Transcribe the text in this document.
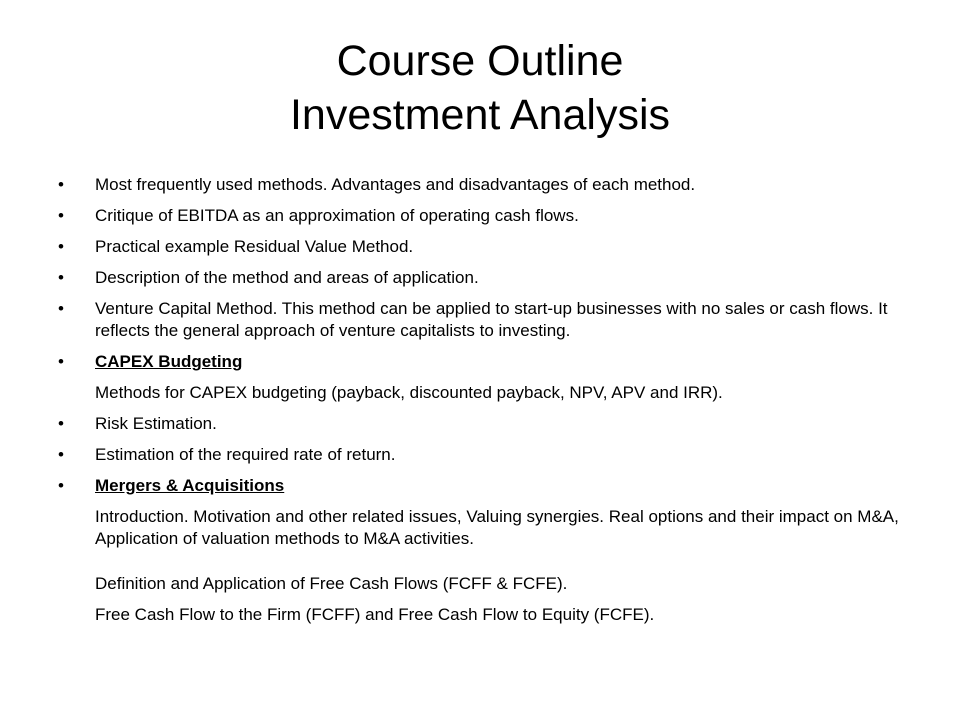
Course Outline
Investment Analysis
• Most frequently used methods. Advantages and disadvantages of each method.
• Critique of EBITDA as an approximation of operating cash flows.
• Practical example Residual Value Method.
• Description of the method and areas of application.
• Venture Capital Method. This method can be applied to start-up businesses with no sales or cash flows. It reflects the general approach of venture capitalists to investing.
• CAPEX Budgeting
Methods for CAPEX budgeting (payback, discounted payback, NPV, APV and IRR).
• Risk Estimation.
• Estimation of the required rate of return.
• Mergers & Acquisitions
Introduction. Motivation and other related issues, Valuing synergies. Real options and their impact on M&A, Application of valuation methods to M&A activities.
Definition and Application of Free Cash Flows (FCFF & FCFE).
Free Cash Flow to the Firm (FCFF) and Free Cash Flow to Equity (FCFE).
